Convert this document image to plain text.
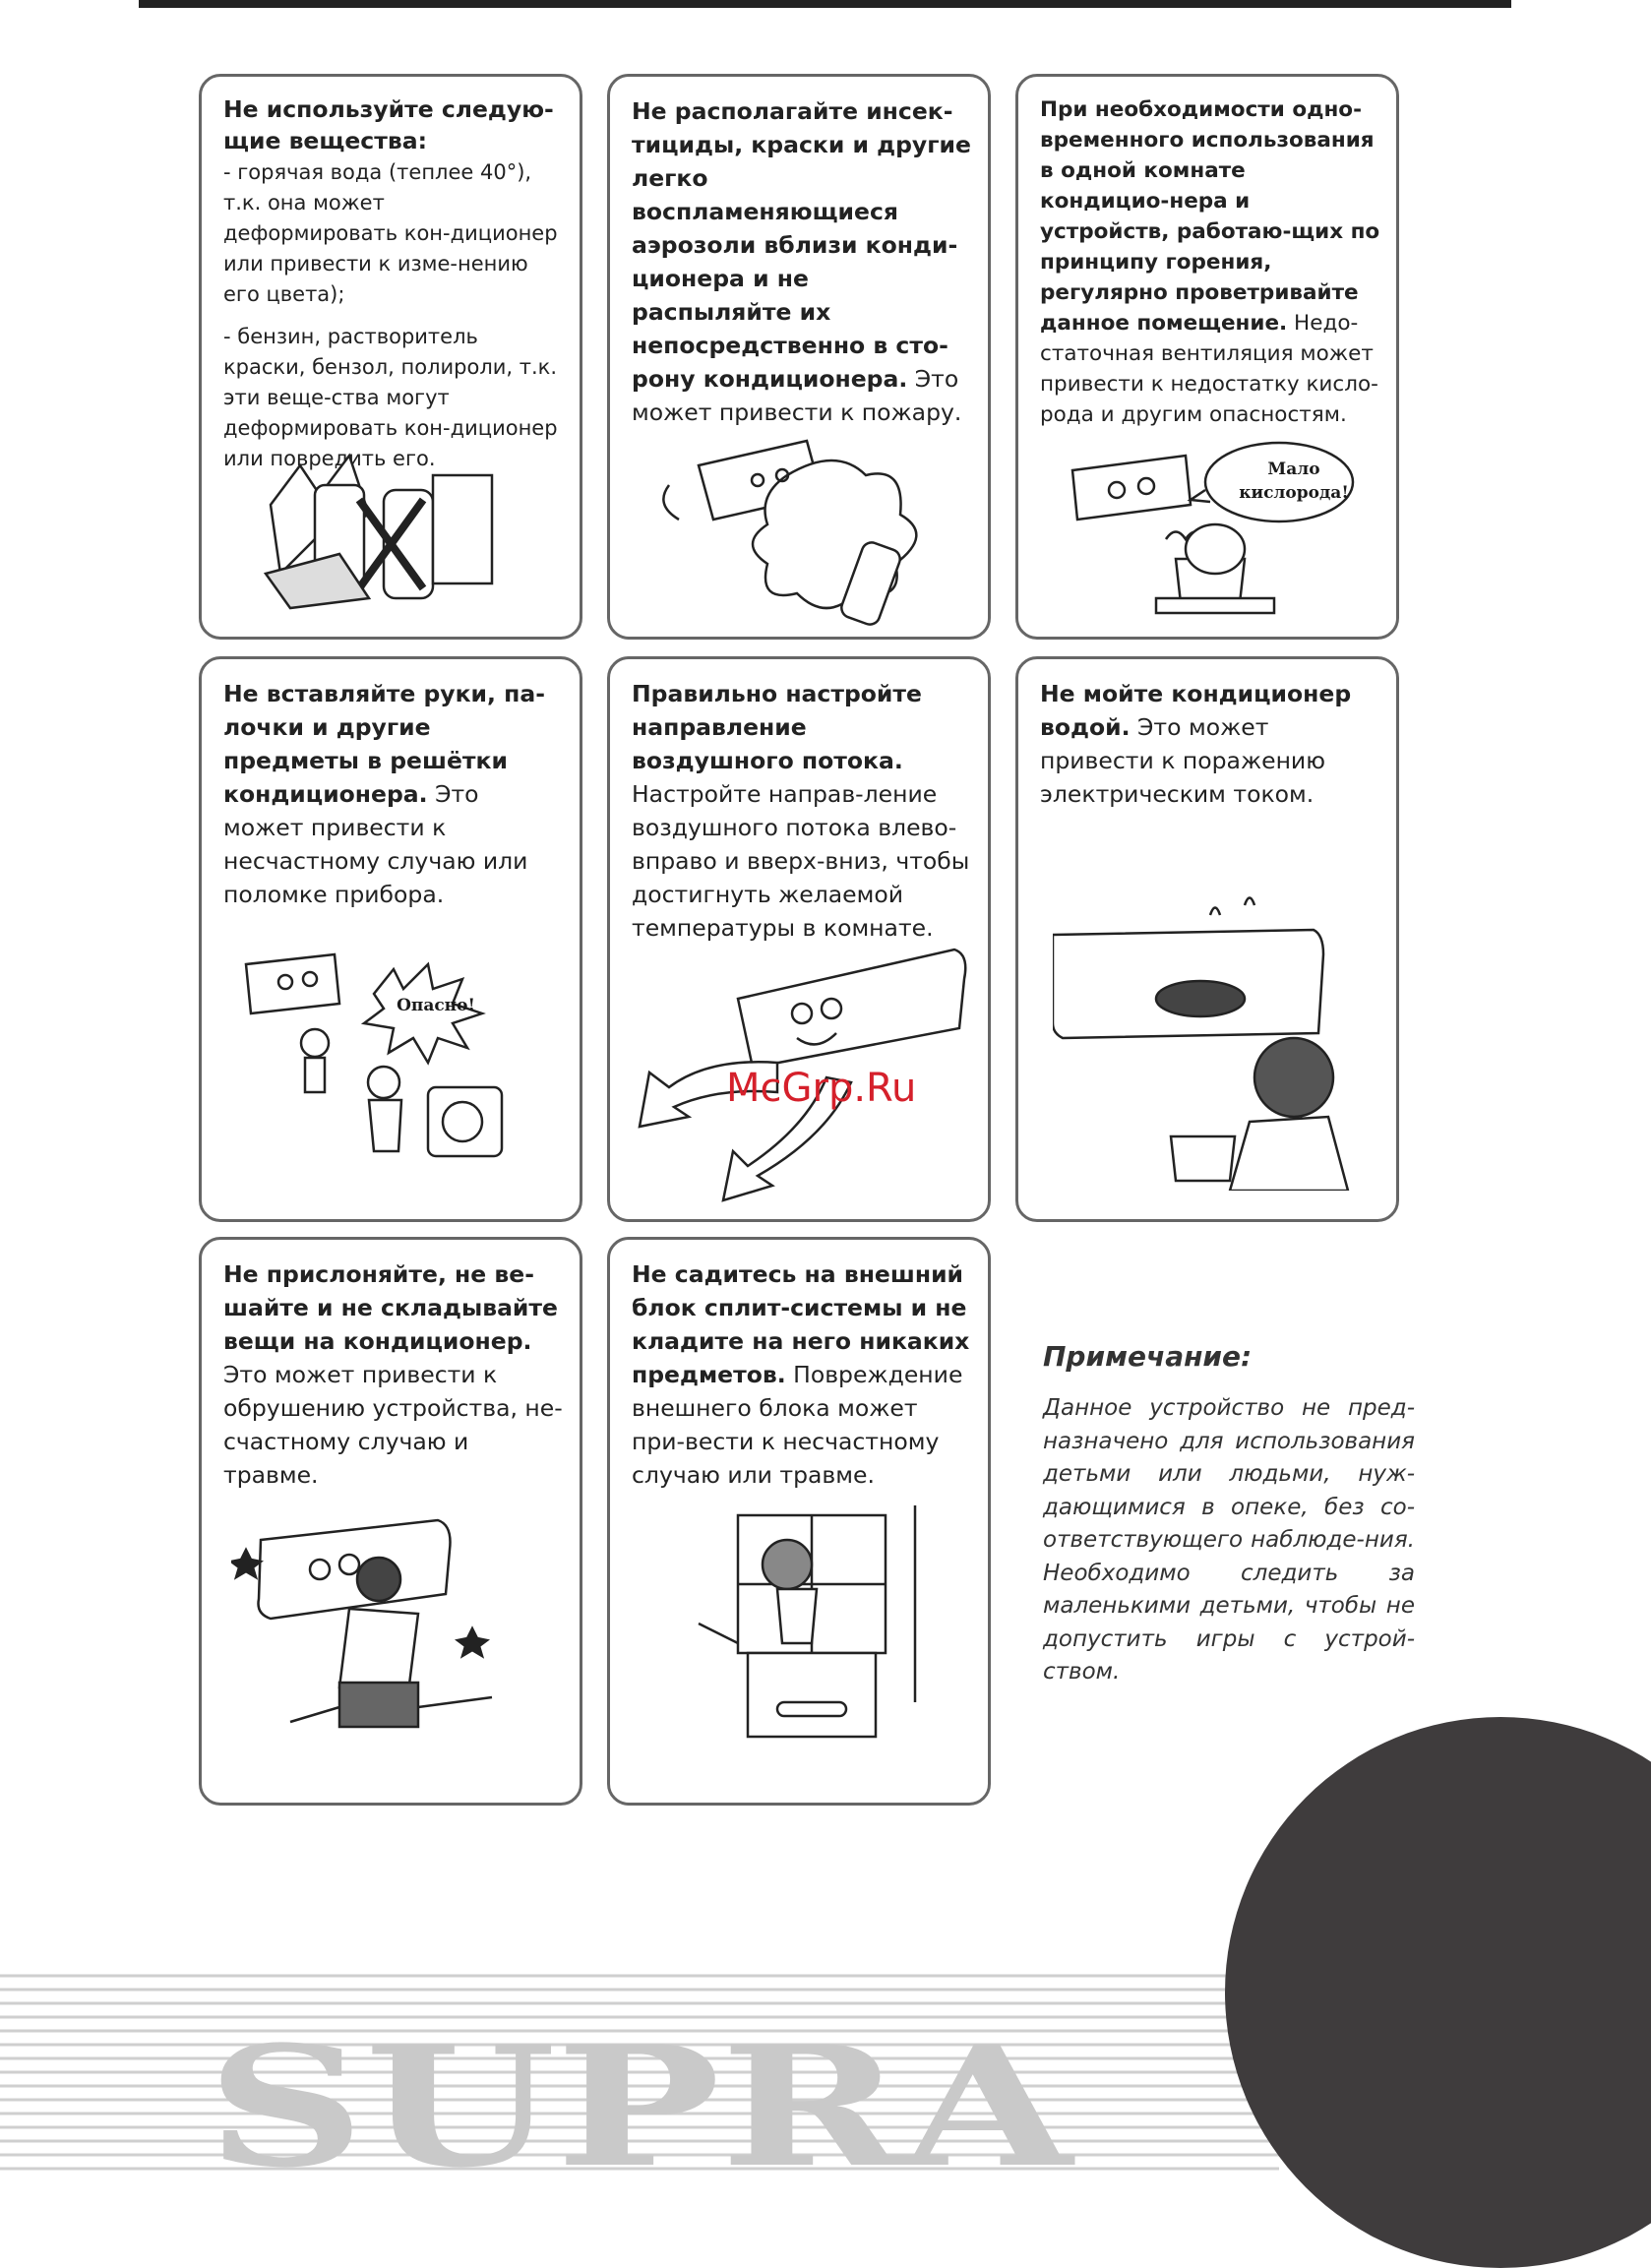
Не используйте следую-щие вещества:

- горячая вода (теплее 40°), т.к. она может деформировать кон-диционер или привести к изме-нению его цвета);

- бензин, растворитель краски, бензол, полироли, т.к. эти веще-ства могут деформировать кон-диционер или повредить его.

Не располагайте инсек-тициды, краски и другие легко воспламеняющиеся аэрозоли вблизи конди-ционера и не распыляйте их непосредственно в сто-рону кондиционера. Это может привести к пожару.

При необходимости одно-временного использования в одной комнате кондицио-нера и устройств, работаю-щих по принципу горения, регулярно проветривайте данное помещение. Недо-статочная вентиляция может привести к недостатку кисло-рода и другим опасностям.

Мало кислорода!

Не вставляйте руки, па-лочки и другие предметы в решётки кондиционера. Это может привести к несчастному случаю или поломке прибора.

Опасно!

Правильно настройте направление воздушного потока. Настройте направ-ление воздушного потока влево-вправо и вверх-вниз, чтобы достигнуть желаемой температуры в комнате.

Не мойте кондиционер водой. Это может привести к поражению электрическим током.

Не прислоняйте, не ве-шайте и не складывайте вещи на кондиционер. Это может привести к обрушению устройства, не-счастному случаю и травме.

Не садитесь на внешний блок сплит-системы и не кладите на него никаких предметов. Повреждение внешнего блока может при-вести к несчастному случаю или травме.

Примечание:

Данное устройство не пред-назначено для использования детьми или людьми, нуж-дающимися в опеке, без со-ответствующего наблюде-ния. Необходимо следить за маленькими детьми, чтобы не допустить игры с устрой-ством.

McGrp.Ru
SUPRA
